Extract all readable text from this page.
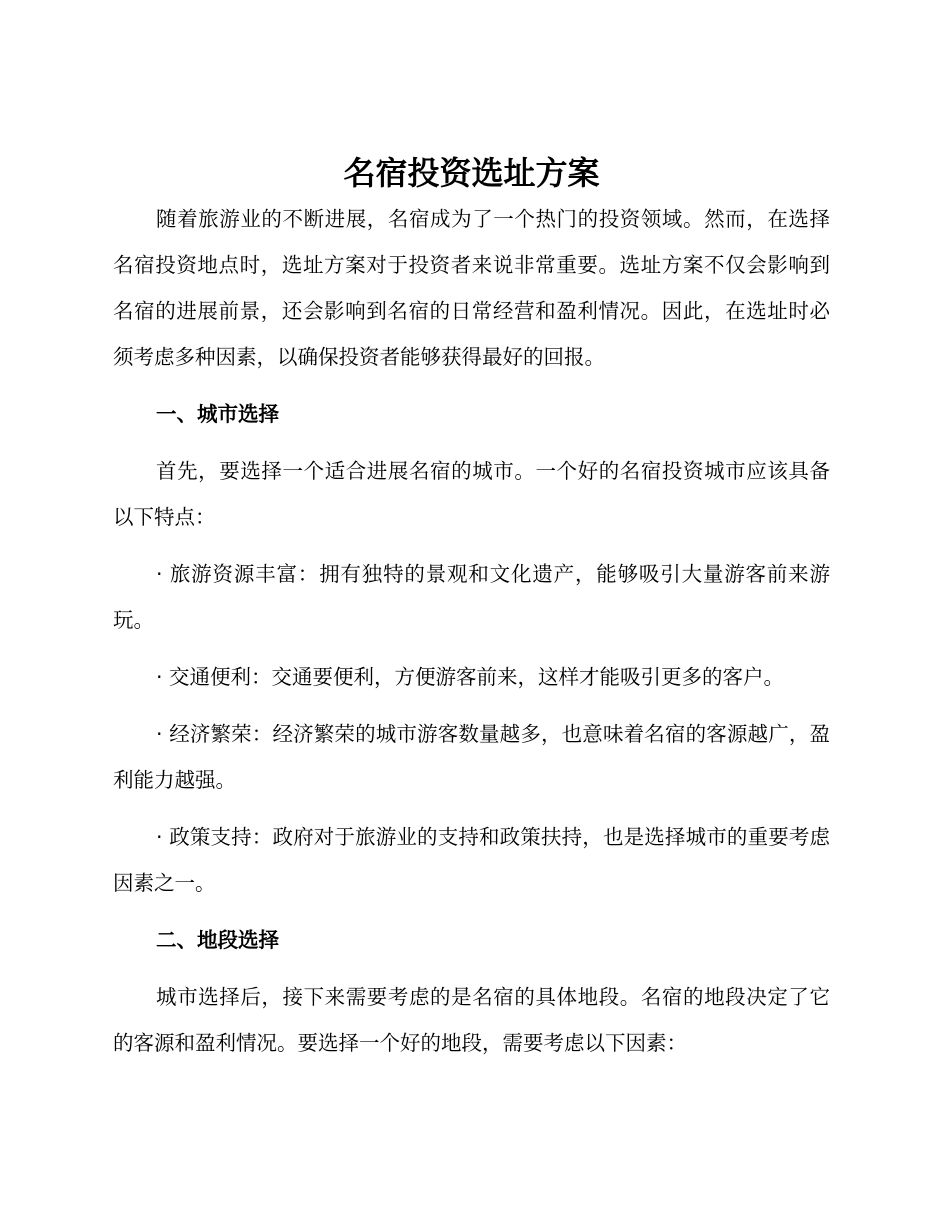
名宿投资选址方案

随着旅游业的不断进展，名宿成为了一个热门的投资领域。然而，在选择名宿投资地点时，选址方案对于投资者来说非常重要。选址方案不仅会影响到名宿的进展前景，还会影响到名宿的日常经营和盈利情况。因此，在选址时必须考虑多种因素，以确保投资者能够获得最好的回报。

一、城市选择

首先，要选择一个适合进展名宿的城市。一个好的名宿投资城市应该具备以下特点：

· 旅游资源丰富：拥有独特的景观和文化遗产，能够吸引大量游客前来游玩。

· 交通便利：交通要便利，方便游客前来，这样才能吸引更多的客户。

· 经济繁荣：经济繁荣的城市游客数量越多，也意味着名宿的客源越广，盈利能力越强。

· 政策支持：政府对于旅游业的支持和政策扶持，也是选择城市的重要考虑因素之一。

二、地段选择

城市选择后，接下来需要考虑的是名宿的具体地段。名宿的地段决定了它的客源和盈利情况。要选择一个好的地段，需要考虑以下因素：
